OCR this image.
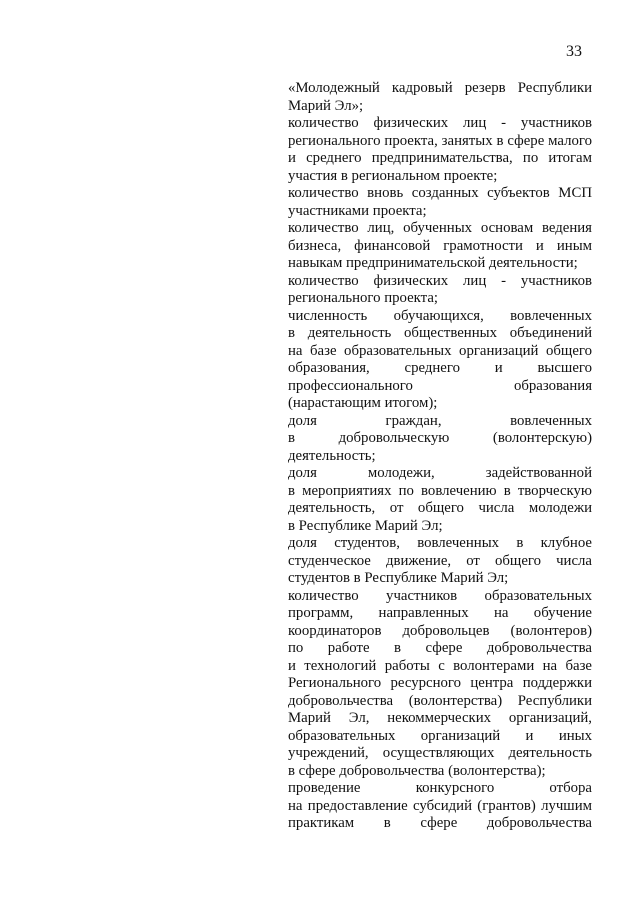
33
«Молодежный кадровый резерв Республики
Марий Эл»;
количество физических лиц - участников
регионального проекта, занятых в сфере малого
и среднего предпринимательства, по итогам
участия в региональном проекте;
количество вновь созданных субъектов МСП
участниками проекта;
количество лиц, обученных основам ведения
бизнеса, финансовой грамотности и иным
навыкам предпринимательской деятельности;
количество физических лиц - участников
регионального проекта;
численность обучающихся, вовлеченных
в деятельность общественных объединений
на базе образовательных организаций общего
образования, среднего и высшего
профессионального образования
(нарастающим итогом);
доля граждан, вовлеченных
в добровольческую (волонтерскую)
деятельность;
доля молодежи, задействованной
в мероприятиях по вовлечению в творческую
деятельность, от общего числа молодежи
в Республике Марий Эл;
доля студентов, вовлеченных в клубное
студенческое движение, от общего числа
студентов в Республике Марий Эл;
количество участников образовательных
программ, направленных на обучение
координаторов добровольцев (волонтеров)
по работе в сфере добровольчества
и технологий работы с волонтерами на базе
Регионального ресурсного центра поддержки
добровольчества (волонтерства) Республики
Марий Эл, некоммерческих организаций,
образовательных организаций и иных
учреждений, осуществляющих деятельность
в сфере добровольчества (волонтерства);
проведение конкурсного отбора
на предоставление субсидий (грантов) лучшим
практикам в сфере добровольчества
